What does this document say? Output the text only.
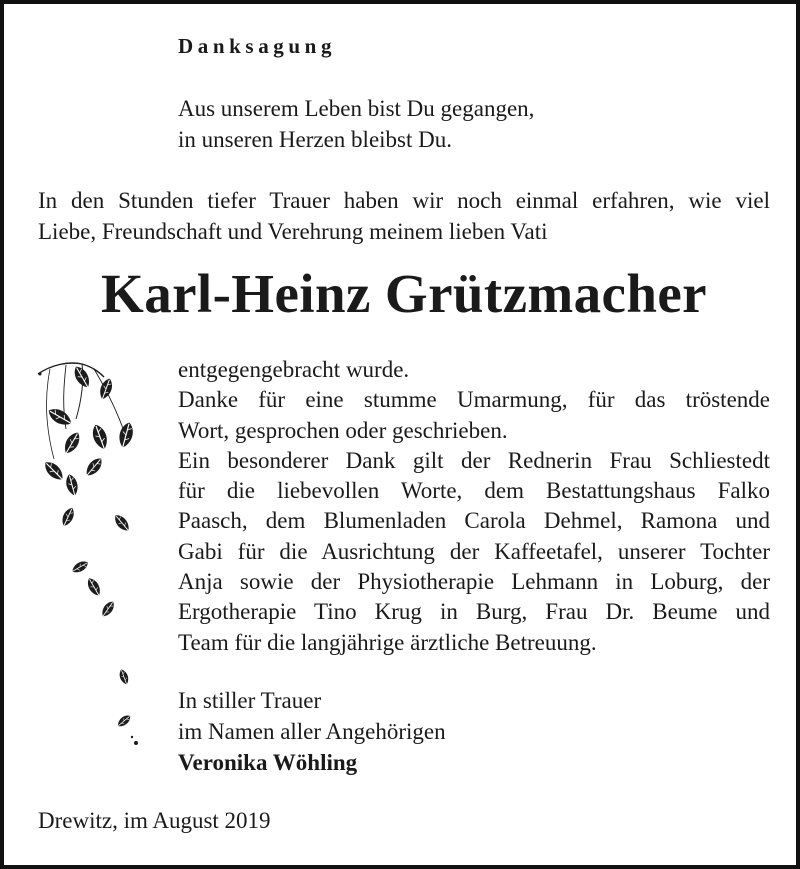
Danksagung
Aus unserem Leben bist Du gegangen,
in unseren Herzen bleibst Du.
In den Stunden tiefer Trauer haben wir noch einmal erfahren, wie viel
Liebe, Freundschaft und Verehrung meinem lieben Vati
Karl-Heinz Grützmacher
entgegengebracht wurde.
Danke für eine stumme Umarmung, für das tröstende
Wort, gesprochen oder geschrieben.
Ein besonderer Dank gilt der Rednerin Frau Schliestedt
für die liebevollen Worte, dem Bestattungshaus Falko
Paasch, dem Blumenladen Carola Dehmel, Ramona und
Gabi für die Ausrichtung der Kaffeetafel, unserer Tochter
Anja sowie der Physiotherapie Lehmann in Loburg, der
Ergotherapie Tino Krug in Burg, Frau Dr. Beume und
Team für die langjährige ärztliche Betreuung.
In stiller Trauer
im Namen aller Angehörigen
Veronika Wöhling
Drewitz, im August 2019
